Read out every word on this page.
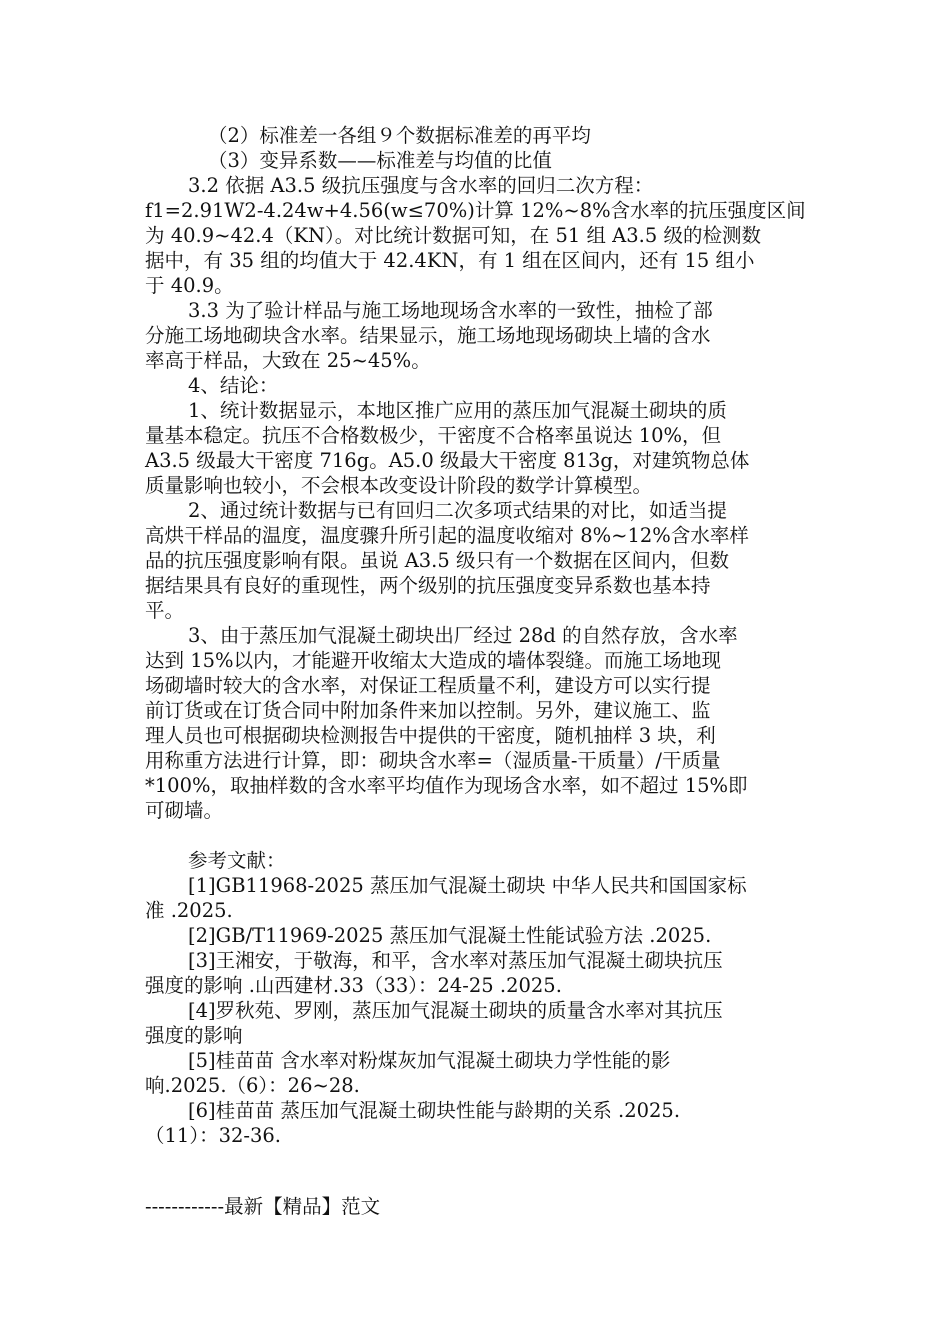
（2）标准差一各组９个数据标准差的再平均
（3）变异系数——标准差与均值的比值
3.2 依据 A3.5 级抗压强度与含水率的回归二次方程：
f1=2.91W2-4.24w+4.56(w≤70%)计算 12%~8%含水率的抗压强度区间
为 40.9~42.4（KN）。对比统计数据可知，在 51 组 A3.5 级的检测数
据中，有 35 组的均值大于 42.4KN，有 1 组在区间内，还有 15 组小
于 40.9。
3.3 为了验计样品与施工场地现场含水率的一致性，抽检了部
分施工场地砌块含水率。结果显示，施工场地现场砌块上墙的含水
率高于样品，大致在 25~45%。
4、结论：
1、统计数据显示，本地区推广应用的蒸压加气混凝土砌块的质
量基本稳定。抗压不合格数极少，干密度不合格率虽说达 10%，但
A3.5 级最大干密度 716g。A5.0 级最大干密度 813g，对建筑物总体
质量影响也较小，不会根本改变设计阶段的数学计算模型。
2、通过统计数据与已有回归二次多项式结果的对比，如适当提
高烘干样品的温度，温度骤升所引起的温度收缩对 8%~12%含水率样
品的抗压强度影响有限。虽说 A3.5 级只有一个数据在区间内，但数
据结果具有良好的重现性，两个级别的抗压强度变异系数也基本持
平。
3、由于蒸压加气混凝土砌块出厂经过 28d 的自然存放，含水率
达到 15%以内，才能避开收缩太大造成的墙体裂缝。而施工场地现
场砌墙时较大的含水率，对保证工程质量不利，建设方可以实行提
前订货或在订货合同中附加条件来加以控制。另外，建议施工、监
理人员也可根据砌块检测报告中提供的干密度，随机抽样 3 块，利
用称重方法进行计算，即：砌块含水率=（湿质量-干质量）/干质量
*100%，取抽样数的含水率平均值作为现场含水率，如不超过 15%即
可砌墙。
参考文献：
[1]GB11968-2025 蒸压加气混凝土砌块 中华人民共和国国家标
准 .2025.
[2]GB/T11969-2025 蒸压加气混凝土性能试验方法 .2025.
[3]王湘安，于敬海，和平，含水率对蒸压加气混凝土砌块抗压
强度的影响 .山西建材.33（33）：24-25 .2025.
[4]罗秋苑、罗刚，蒸压加气混凝土砌块的质量含水率对其抗压
强度的影响
[5]桂苗苗 含水率对粉煤灰加气混凝土砌块力学性能的影
响.2025.（6）：26~28.
[6]桂苗苗 蒸压加气混凝土砌块性能与龄期的关系 .2025.
（11）：32-36.
------------最新【精品】范文
